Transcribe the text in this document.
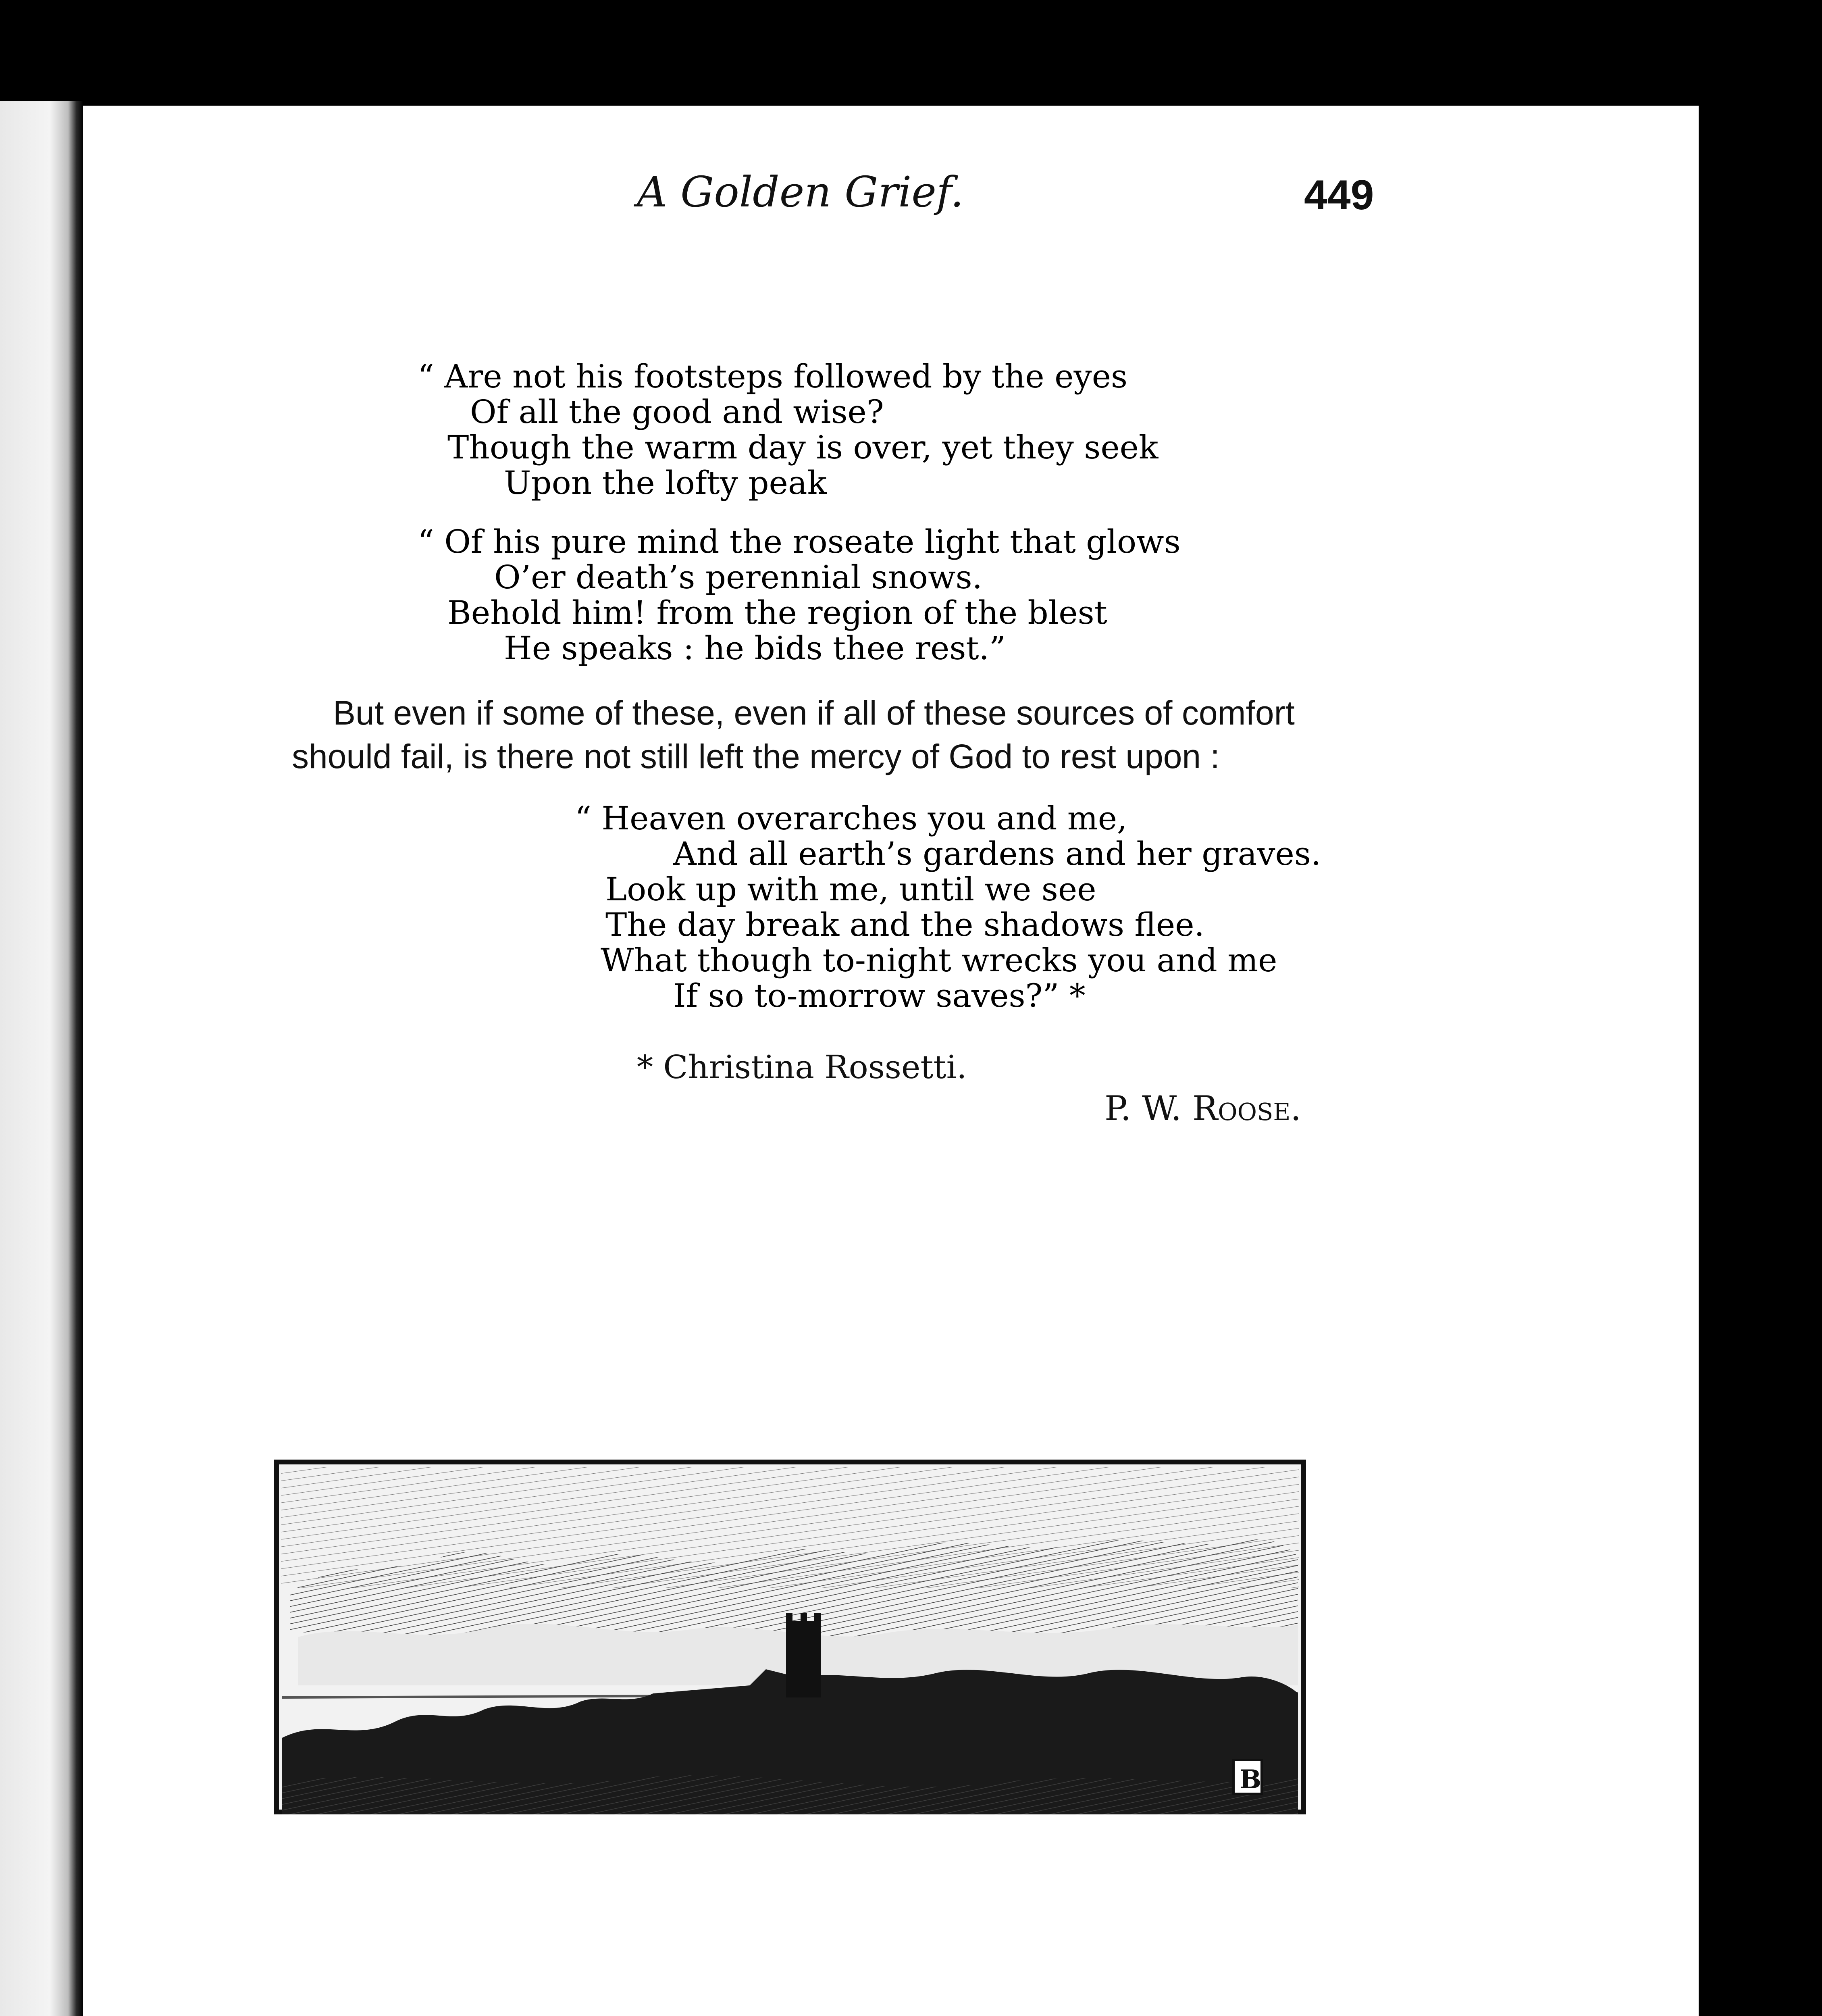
A Golden Grief.	449
“ Are not his footsteps followed by the eyes
Of all the good and wise?
Though the warm day is over, yet they seek
Upon the lofty peak
“ Of his pure mind the roseate light that glows
O’er death’s perennial snows.
Behold him! from the region of the blest
He speaks : he bids thee rest.”
But even if some of these, even if all of these sources of comfort
should fail, is there not still left the mercy of God to rest upon :
“ Heaven overarches you and me,
And all earth’s gardens and her graves.
Look up with me, until we see
The day break and the shadows flee.
What though to-night wrecks you and me
If so to-morrow saves?” *
* Christina Rossetti.
P. W. Roose.
B
